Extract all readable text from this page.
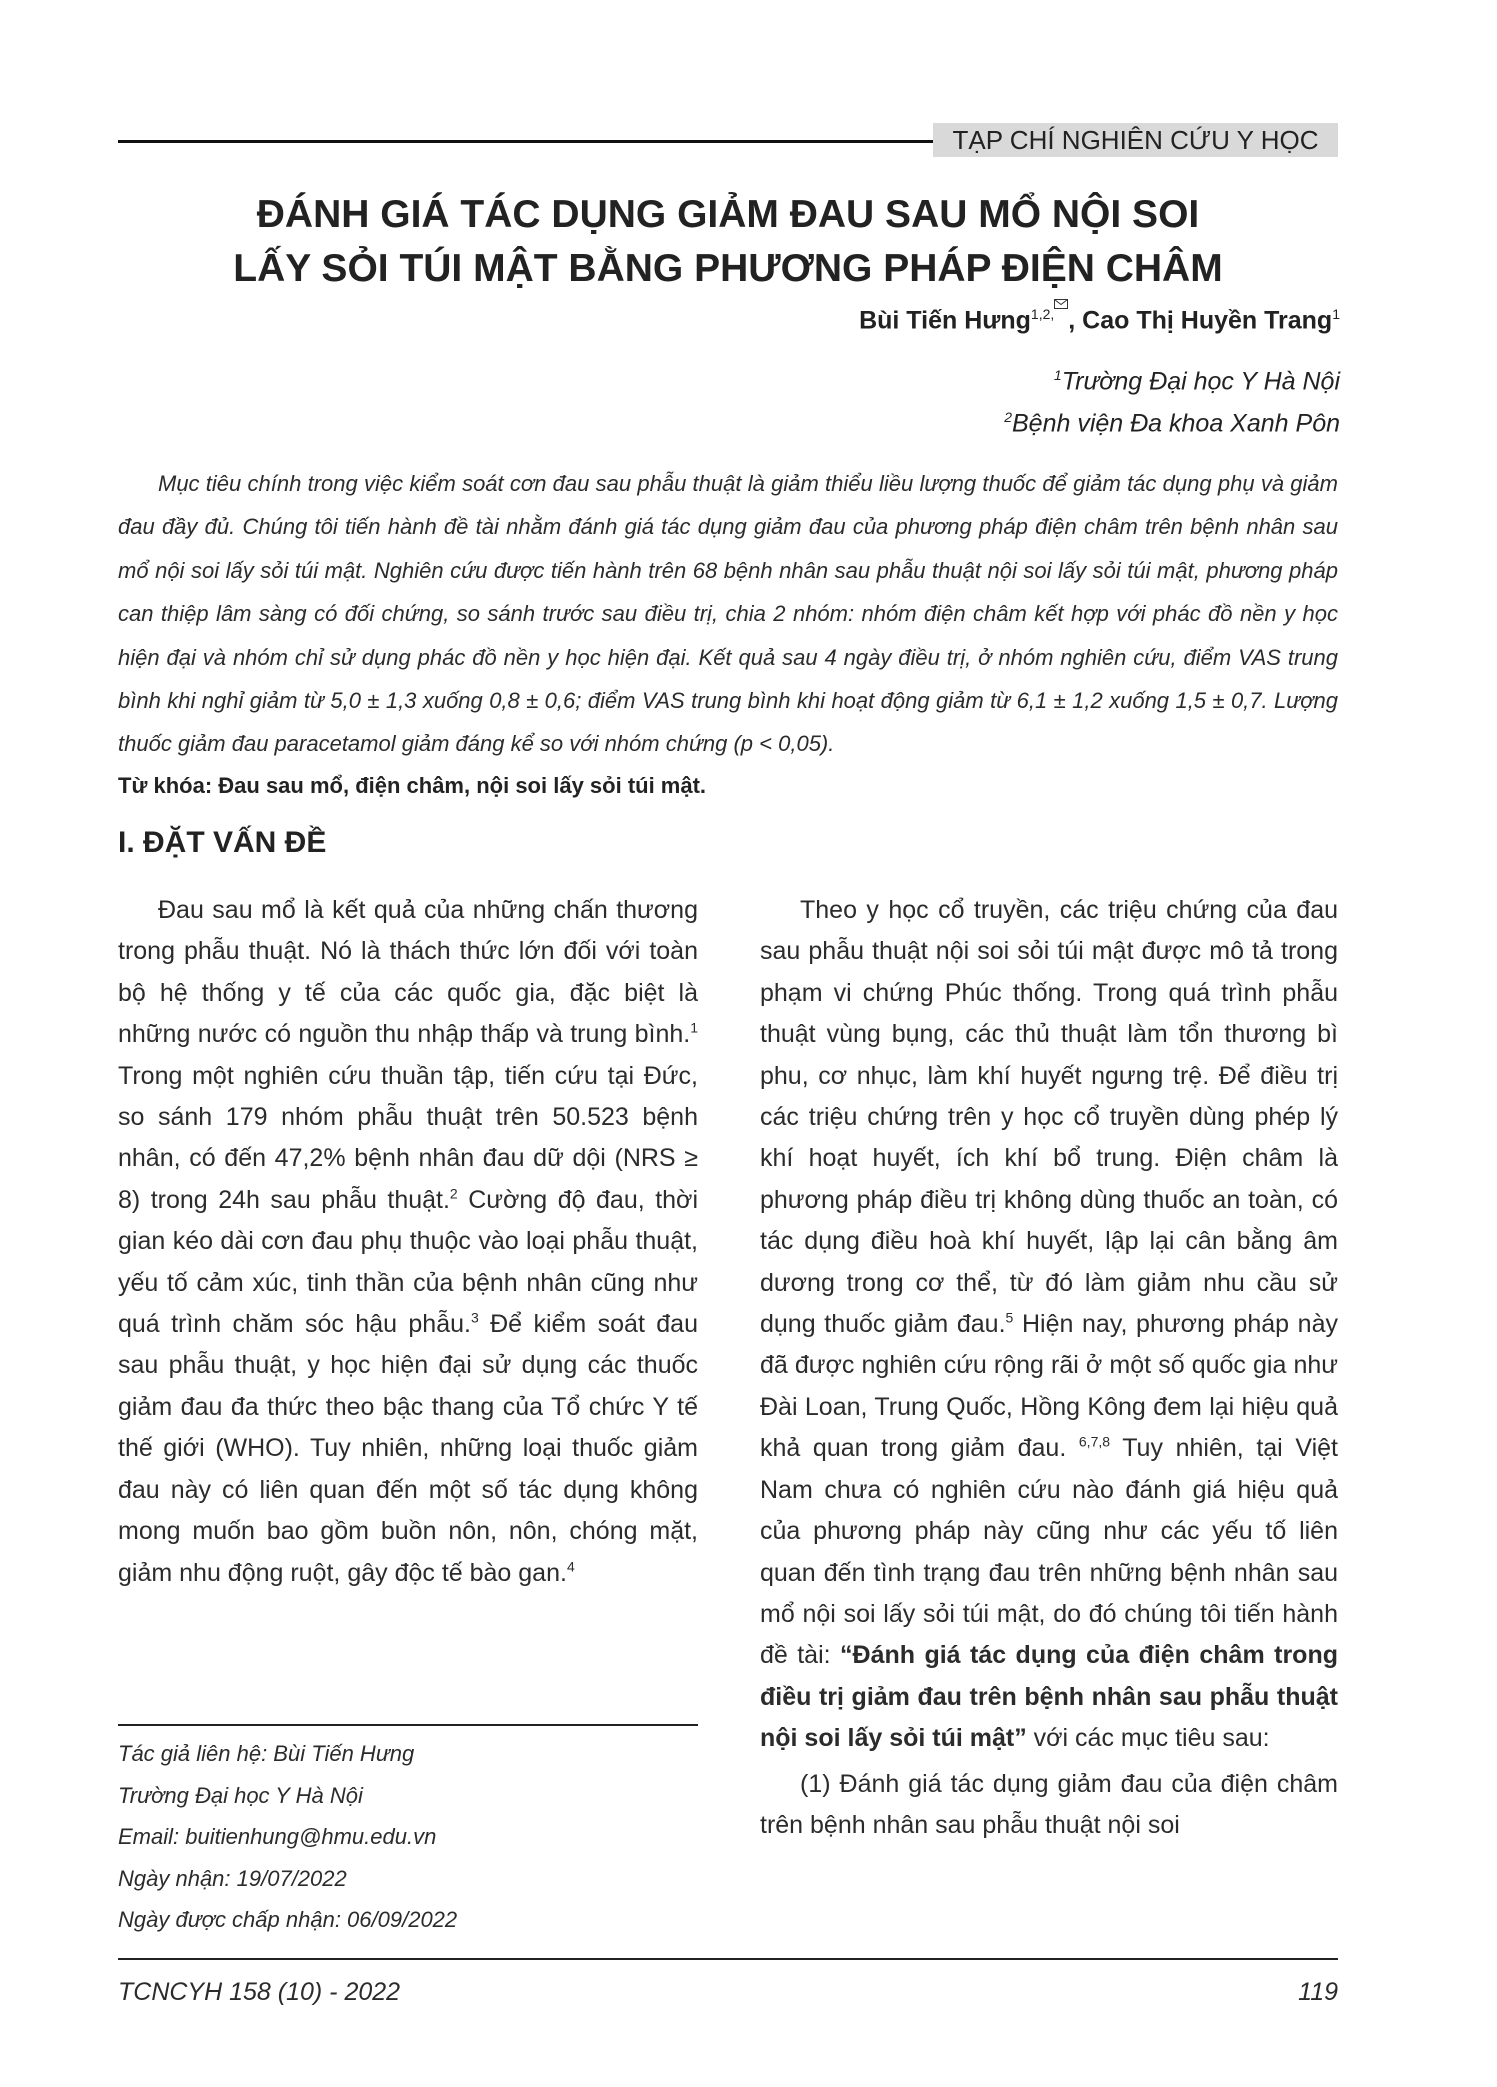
TẠP CHÍ NGHIÊN CỨU Y HỌC
ĐÁNH GIÁ TÁC DỤNG GIẢM ĐAU SAU MỔ NỘI SOI
LẤY SỎI TÚI MẬT BẰNG PHƯƠNG PHÁP ĐIỆN CHÂM
Bùi Tiến Hưng$^{1,2,}$ , Cao Thị Huyền Trang$^1$
$^1$Trường Đại học Y Hà Nội
$^2$Bệnh viện Đa khoa Xanh Pôn

Mục tiêu chính trong việc kiểm soát cơn đau sau phẫu thuật là giảm thiểu liều lượng thuốc để giảm tác dụng phụ và giảm đau đầy đủ. Chúng tôi tiến hành đề tài nhằm đánh giá tác dụng giảm đau của phương pháp điện châm trên bệnh nhân sau mổ nội soi lấy sỏi túi mật. Nghiên cứu được tiến hành trên 68 bệnh nhân sau phẫu thuật nội soi lấy sỏi túi mật, phương pháp can thiệp lâm sàng có đối chứng, so sánh trước sau điều trị, chia 2 nhóm: nhóm điện châm kết hợp với phác đồ nền y học hiện đại và nhóm chỉ sử dụng phác đồ nền y học hiện đại. Kết quả sau 4 ngày điều trị, ở nhóm nghiên cứu, điểm VAS trung bình khi nghỉ giảm từ 5,0 ± 1,3 xuống 0,8 ± 0,6; điểm VAS trung bình khi hoạt động giảm từ 6,1 ± 1,2 xuống 1,5 ± 0,7. Lượng thuốc giảm đau paracetamol giảm đáng kể so với nhóm chứng (p < 0,05).

Từ khóa: Đau sau mổ, điện châm, nội soi lấy sỏi túi mật.
I. ĐẶT VẤN ĐỀ

Đau sau mổ là kết quả của những chấn thương trong phẫu thuật. Nó là thách thức lớn đối với toàn bộ hệ thống y tế của các quốc gia, đặc biệt là những nước có nguồn thu nhập thấp và trung bình.$^1$ Trong một nghiên cứu thuần tập, tiến cứu tại Đức, so sánh 179 nhóm phẫu thuật trên 50.523 bệnh nhân, có đến 47,2% bệnh nhân đau dữ dội (NRS ≥ 8) trong 24h sau phẫu thuật.$^2$ Cường độ đau, thời gian kéo dài cơn đau phụ thuộc vào loại phẫu thuật, yếu tố cảm xúc, tinh thần của bệnh nhân cũng như quá trình chăm sóc hậu phẫu.$^3$ Để kiểm soát đau sau phẫu thuật, y học hiện đại sử dụng các thuốc giảm đau đa thức theo bậc thang của Tổ chức Y tế thế giới (WHO). Tuy nhiên, những loại thuốc giảm đau này có liên quan đến một số tác dụng không mong muốn bao gồm buồn nôn, nôn, chóng mặt, giảm nhu động ruột, gây độc tế bào gan.$^4$

Theo y học cổ truyền, các triệu chứng của đau sau phẫu thuật nội soi sỏi túi mật được mô tả trong phạm vi chứng Phúc thống. Trong quá trình phẫu thuật vùng bụng, các thủ thuật làm tổn thương bì phu, cơ nhục, làm khí huyết ngưng trệ. Để điều trị các triệu chứng trên y học cổ truyền dùng phép lý khí hoạt huyết, ích khí bổ trung. Điện châm là phương pháp điều trị không dùng thuốc an toàn, có tác dụng điều hoà khí huyết, lập lại cân bằng âm dương trong cơ thể, từ đó làm giảm nhu cầu sử dụng thuốc giảm đau.$^5$ Hiện nay, phương pháp này đã được nghiên cứu rộng rãi ở một số quốc gia như Đài Loan, Trung Quốc, Hồng Kông đem lại hiệu quả khả quan trong giảm đau. $^{6,7,8}$ Tuy nhiên, tại Việt Nam chưa có nghiên cứu nào đánh giá hiệu quả của phương pháp này cũng như các yếu tố liên quan đến tình trạng đau trên những bệnh nhân sau mổ nội soi lấy sỏi túi mật, do đó chúng tôi tiến hành đề tài: “Đánh giá tác dụng của điện châm trong điều trị giảm đau trên bệnh nhân sau phẫu thuật nội soi lấy sỏi túi mật” với các mục tiêu sau:

(1) Đánh giá tác dụng giảm đau của điện châm trên bệnh nhân sau phẫu thuật nội soi

Tác giả liên hệ: Bùi Tiến Hưng
Trường Đại học Y Hà Nội
Email: buitienhung@hmu.edu.vn
Ngày nhận: 19/07/2022
Ngày được chấp nhận: 06/09/2022
TCNCYH 158 (10) - 2022	119
